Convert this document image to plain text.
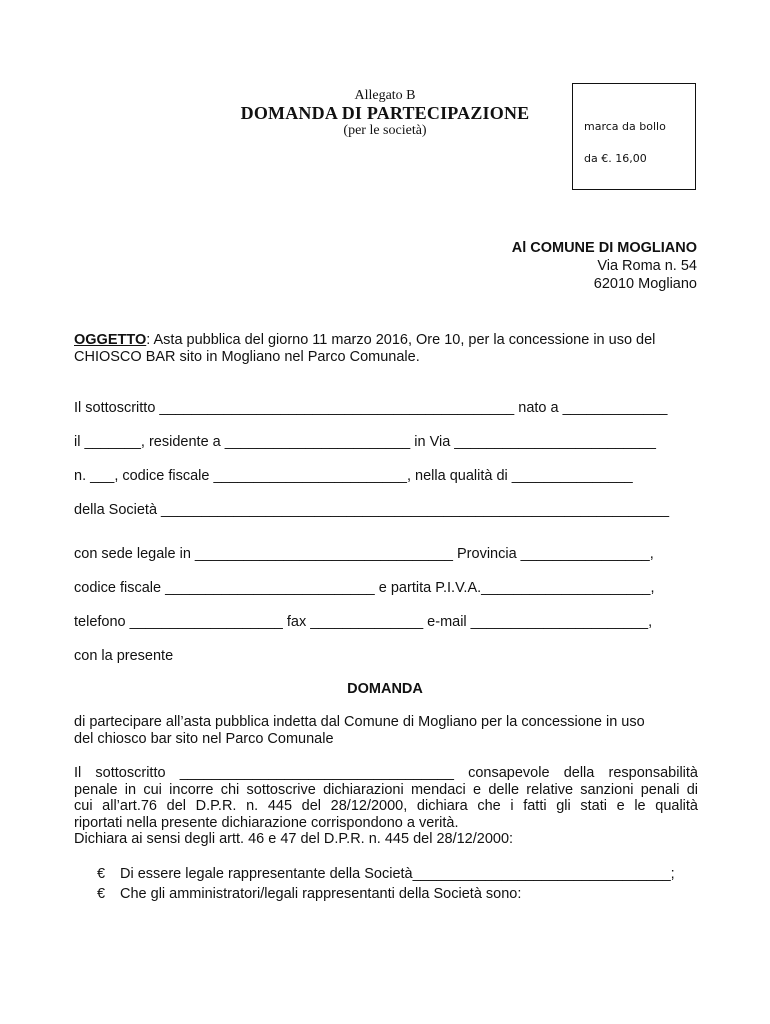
Allegato B
DOMANDA DI PARTECIPAZIONE
(per le società)	marca da bollo
da €. 16,00
Al COMUNE DI MOGLIANO
Via Roma n. 54
62010 Mogliano
OGGETTO: Asta pubblica del giorno 11 marzo 2016, Ore 10, per la concessione in uso del CHIOSCO BAR sito in Mogliano nel Parco Comunale.
Il sottoscritto ____________________________________________ nato a _____________
il _______, residente a _______________________ in Via _________________________
n. ___, codice fiscale ________________________, nella qualità di _______________
della Società _______________________________________________________________
con sede legale in ________________________________ Provincia ________________,
codice fiscale __________________________ e partita P.I.V.A._____________________,
telefono ___________________ fax ______________ e-mail ______________________,
con la presente
DOMANDA
di partecipare all’asta pubblica indetta dal Comune di Mogliano per la concessione in uso
del chiosco bar sito nel Parco Comunale
Il sottoscritto __________________________________ consapevole della responsabilità
penale in cui incorre chi sottoscrive dichiarazioni mendaci e delle relative sanzioni penali di
cui all’art.76 del D.P.R. n. 445 del 28/12/2000, dichiara che i fatti gli stati e le qualità
riportati nella presente dichiarazione corrispondono a verità.
Dichiara ai sensi degli artt. 46 e 47 del D.P.R. n. 445 del 28/12/2000:
€ Di essere legale rappresentante della Società________________________________;
€ Che gli amministratori/legali rappresentanti della Società sono:
